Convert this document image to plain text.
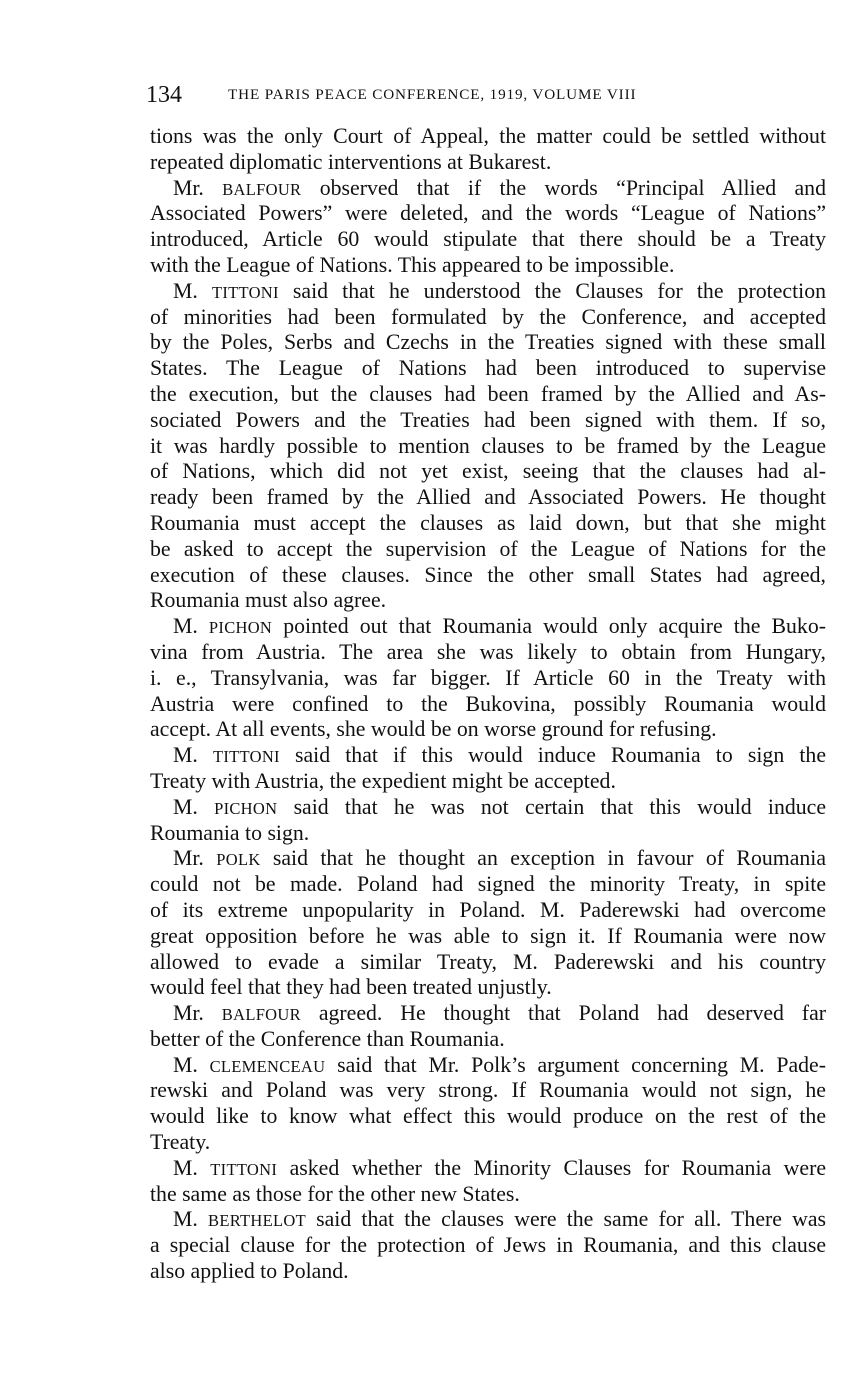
134	THE PARIS PEACE CONFERENCE, 1919, VOLUME VIII
tions was the only Court of Appeal, the matter could be settled without
repeated diplomatic interventions at Bukarest.
Mr. BALFOUR observed that if the words “Principal Allied and
Associated Powers” were deleted, and the words “League of Nations”
introduced, Article 60 would stipulate that there should be a Treaty
with the League of Nations. This appeared to be impossible.
M. TITTONI said that he understood the Clauses for the protection
of minorities had been formulated by the Conference, and accepted
by the Poles, Serbs and Czechs in the Treaties signed with these small
States. The League of Nations had been introduced to supervise
the execution, but the clauses had been framed by the Allied and As-
sociated Powers and the Treaties had been signed with them. If so,
it was hardly possible to mention clauses to be framed by the League
of Nations, which did not yet exist, seeing that the clauses had al-
ready been framed by the Allied and Associated Powers. He thought
Roumania must accept the clauses as laid down, but that she might
be asked to accept the supervision of the League of Nations for the
execution of these clauses. Since the other small States had agreed,
Roumania must also agree.
M. PICHON pointed out that Roumania would only acquire the Buko-
vina from Austria. The area she was likely to obtain from Hungary,
i. e., Transylvania, was far bigger. If Article 60 in the Treaty with
Austria were confined to the Bukovina, possibly Roumania would
accept. At all events, she would be on worse ground for refusing.
M. TITTONI said that if this would induce Roumania to sign the
Treaty with Austria, the expedient might be accepted.
M. PICHON said that he was not certain that this would induce
Roumania to sign.
Mr. POLK said that he thought an exception in favour of Roumania
could not be made. Poland had signed the minority Treaty, in spite
of its extreme unpopularity in Poland. M. Paderewski had overcome
great opposition before he was able to sign it. If Roumania were now
allowed to evade a similar Treaty, M. Paderewski and his country
would feel that they had been treated unjustly.
Mr. BALFOUR agreed. He thought that Poland had deserved far
better of the Conference than Roumania.
M. CLEMENCEAU said that Mr. Polk’s argument concerning M. Pade-
rewski and Poland was very strong. If Roumania would not sign, he
would like to know what effect this would produce on the rest of the
Treaty.
M. TITTONI asked whether the Minority Clauses for Roumania were
the same as those for the other new States.
M. BERTHELOT said that the clauses were the same for all. There was
a special clause for the protection of Jews in Roumania, and this clause
also applied to Poland.
